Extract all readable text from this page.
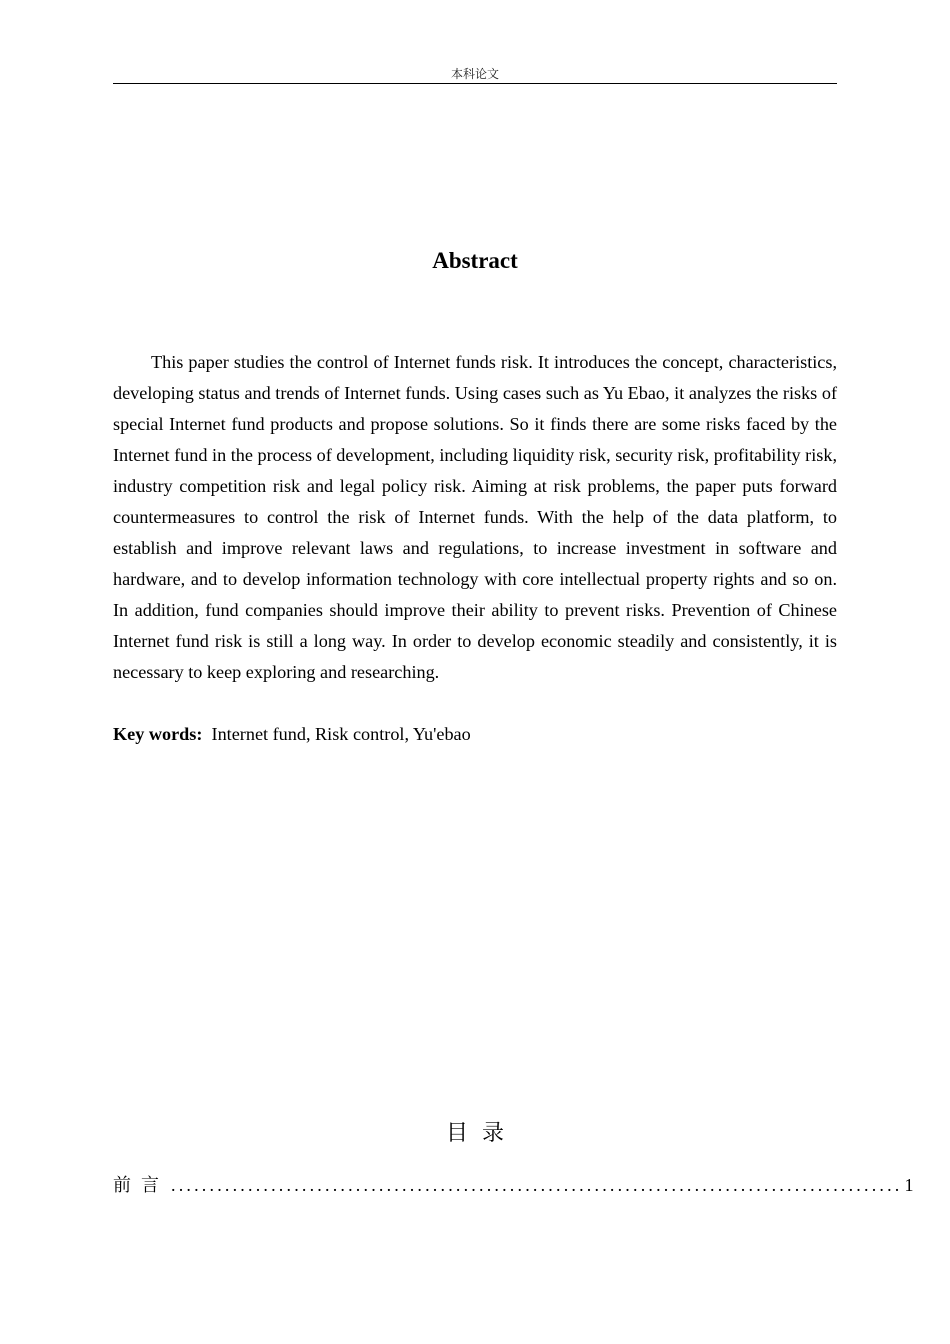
本科论文
Abstract

This paper studies the control of Internet funds risk. It introduces the concept, characteristics, developing status and trends of Internet funds. Using cases such as Yu Ebao, it analyzes the risks of special Internet fund products and propose solutions. So it finds there are some risks faced by the Internet fund in the process of development, including liquidity risk, security risk, profitability risk, industry competition risk and legal policy risk. Aiming at risk problems, the paper puts forward countermeasures to control the risk of Internet funds. With the help of the data platform, to establish and improve relevant laws and regulations, to increase investment in software and hardware, and to develop information technology with core intellectual property rights and so on. In addition, fund companies should improve their ability to prevent risks. Prevention of Chinese Internet fund risk is still a long way. In order to develop economic steadily and consistently, it is necessary to keep exploring and researching.

Key words: Internet fund, Risk control, Yu'ebao
目录
前言 ............................................................................................... 1
